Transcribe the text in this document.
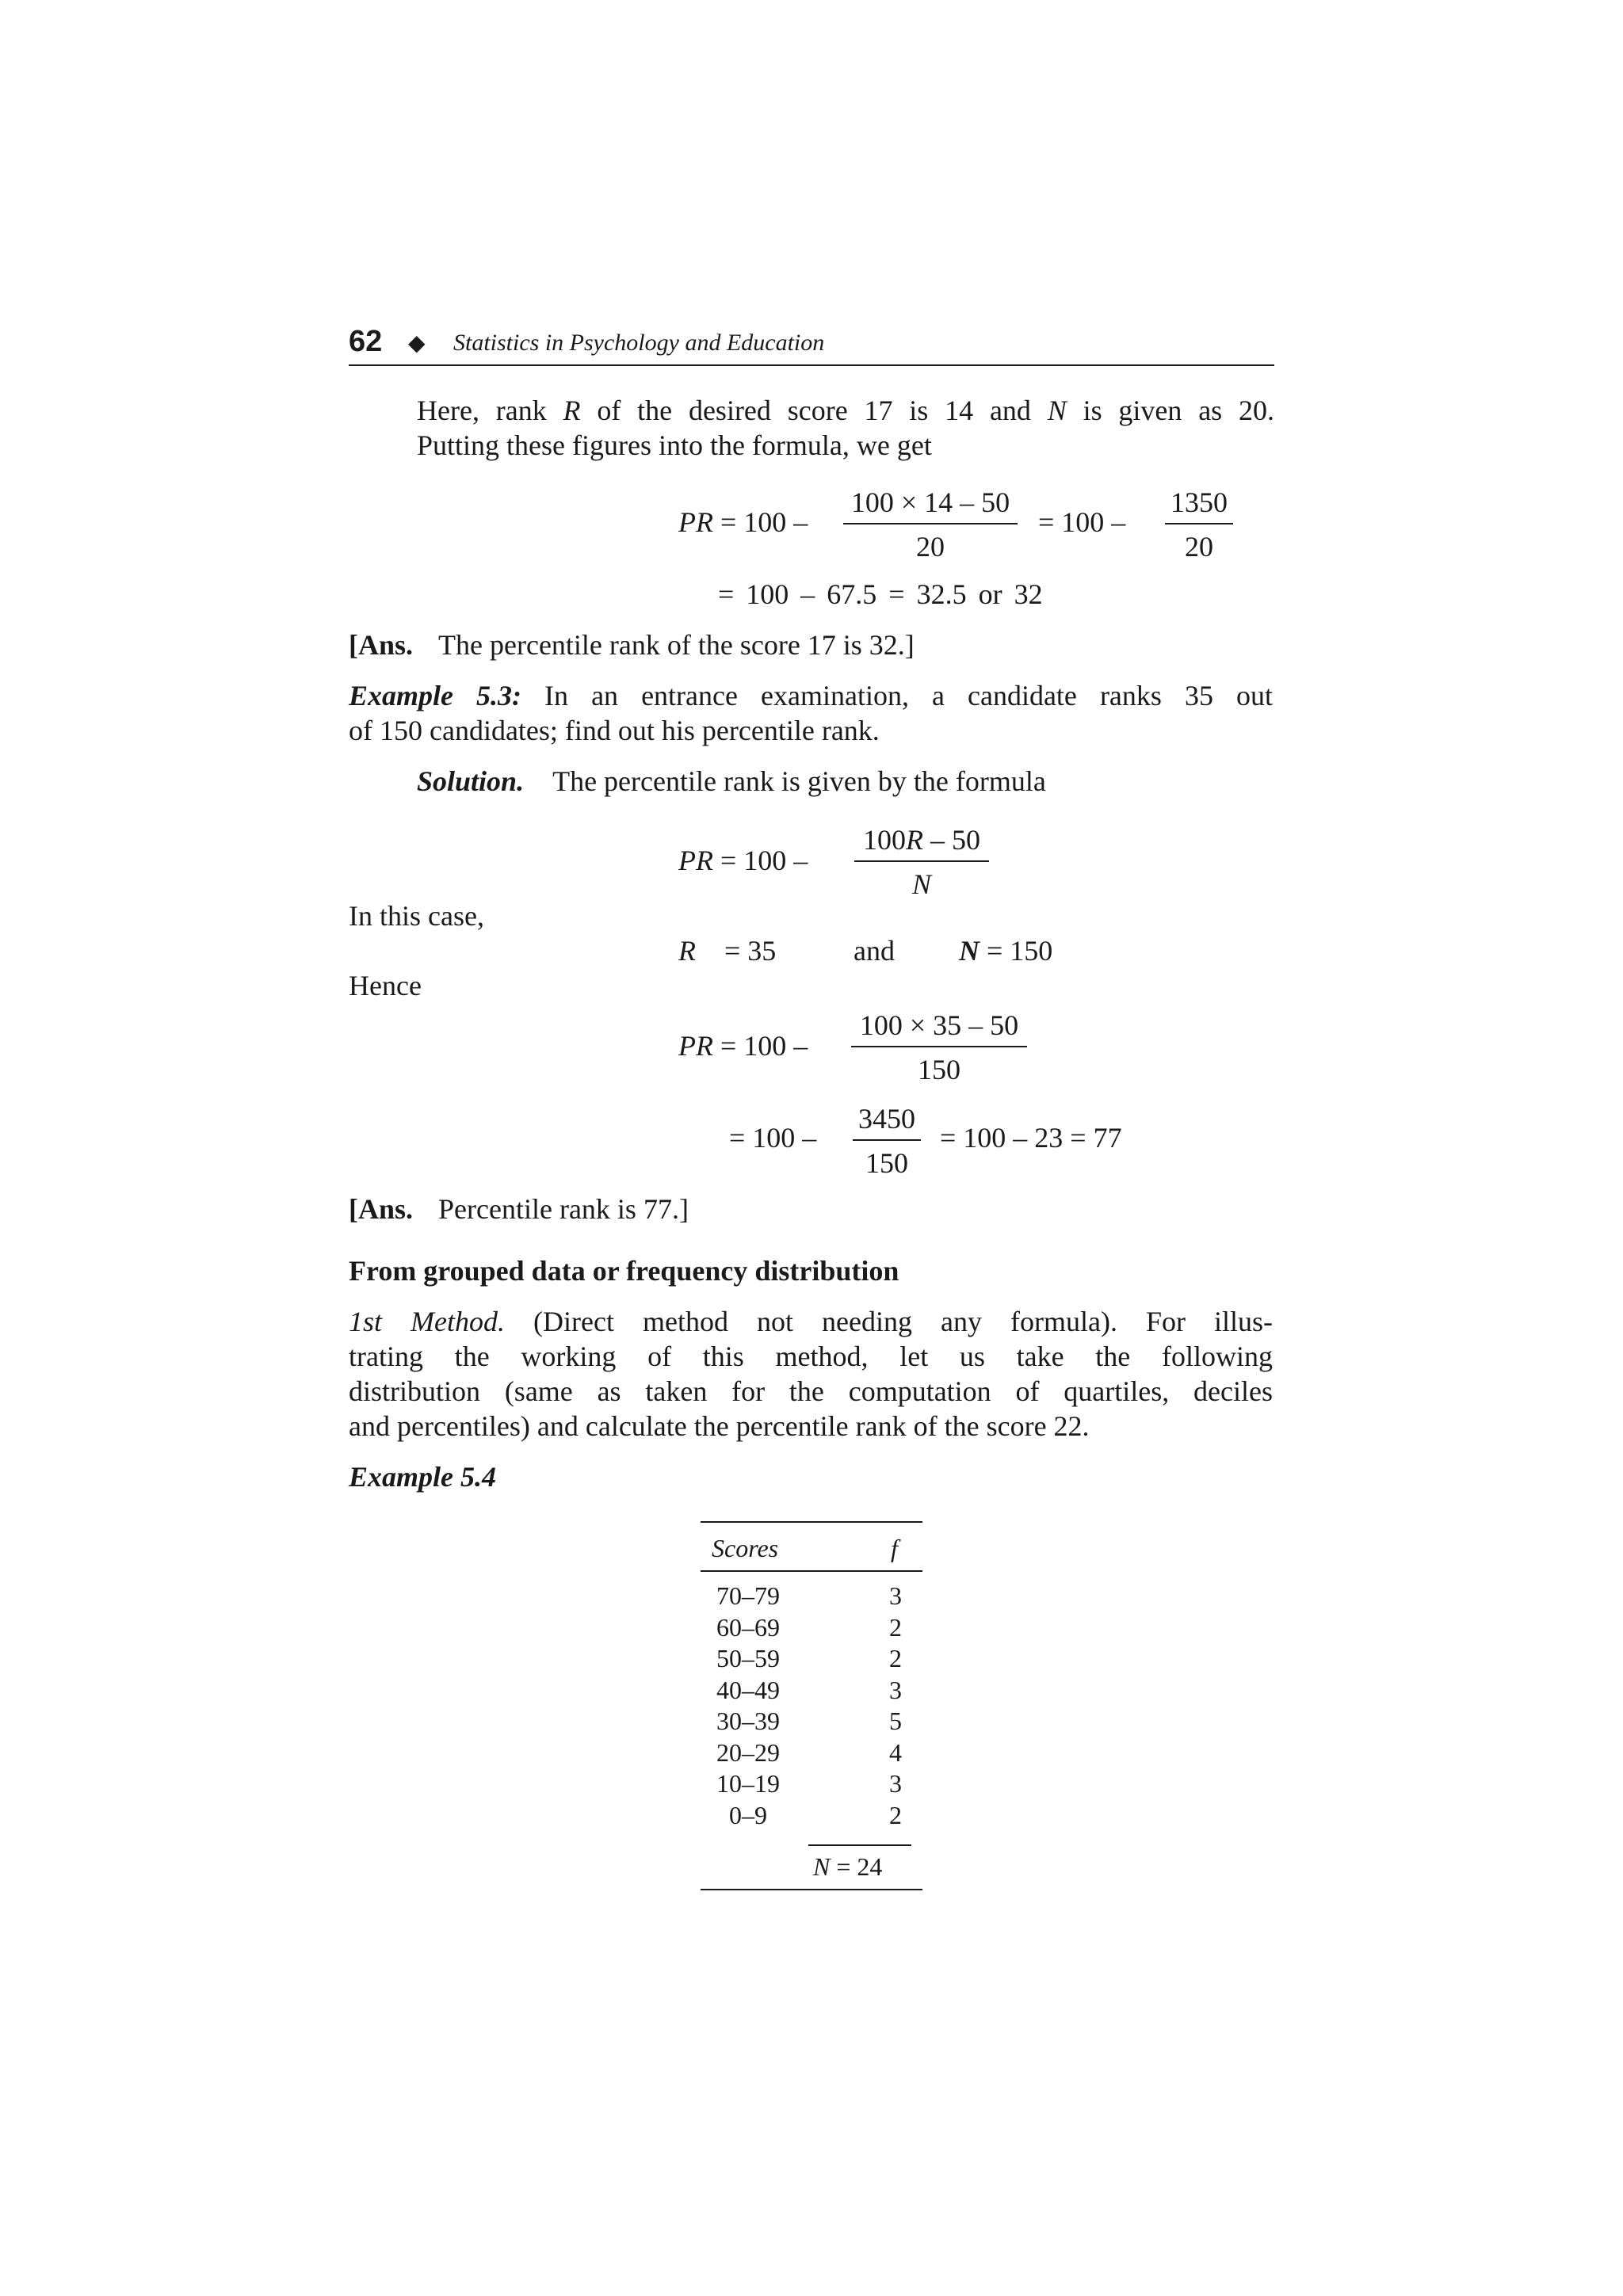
62 ◆ Statistics in Psychology and Education
Here, rank R of the desired score 17 is 14 and N is given as 20.
Putting these figures into the formula, we get
PR = 100 –
100 × 14 – 50
20
= 100 –
1350
20
= 100 – 67.5 = 32.5 or 32
[Ans. The percentile rank of the score 17 is 32.]
Example 5.3: In an entrance examination, a candidate ranks 35 out
of 150 candidates; find out his percentile rank.
Solution. The percentile rank is given by the formula
PR = 100 –
100R – 50
N
In this case,
R = 35	and N = 150
Hence
PR = 100 –
100 × 35 – 50
150
= 100 –
3450
150
= 100 – 23 = 77
[Ans. Percentile rank is 77.]
From grouped data or frequency distribution
1st Method. (Direct method not needing any formula). For illus-
trating the working of this method, let us take the following
distribution (same as taken for the computation of quartiles, deciles
and percentiles) and calculate the percentile rank of the score 22.
Example 5.4
Scores	f
70–79	3
60–69	2
50–59	2
40–49	3
30–39	5
20–29	4
10–19	3
0–9	2
N = 24
